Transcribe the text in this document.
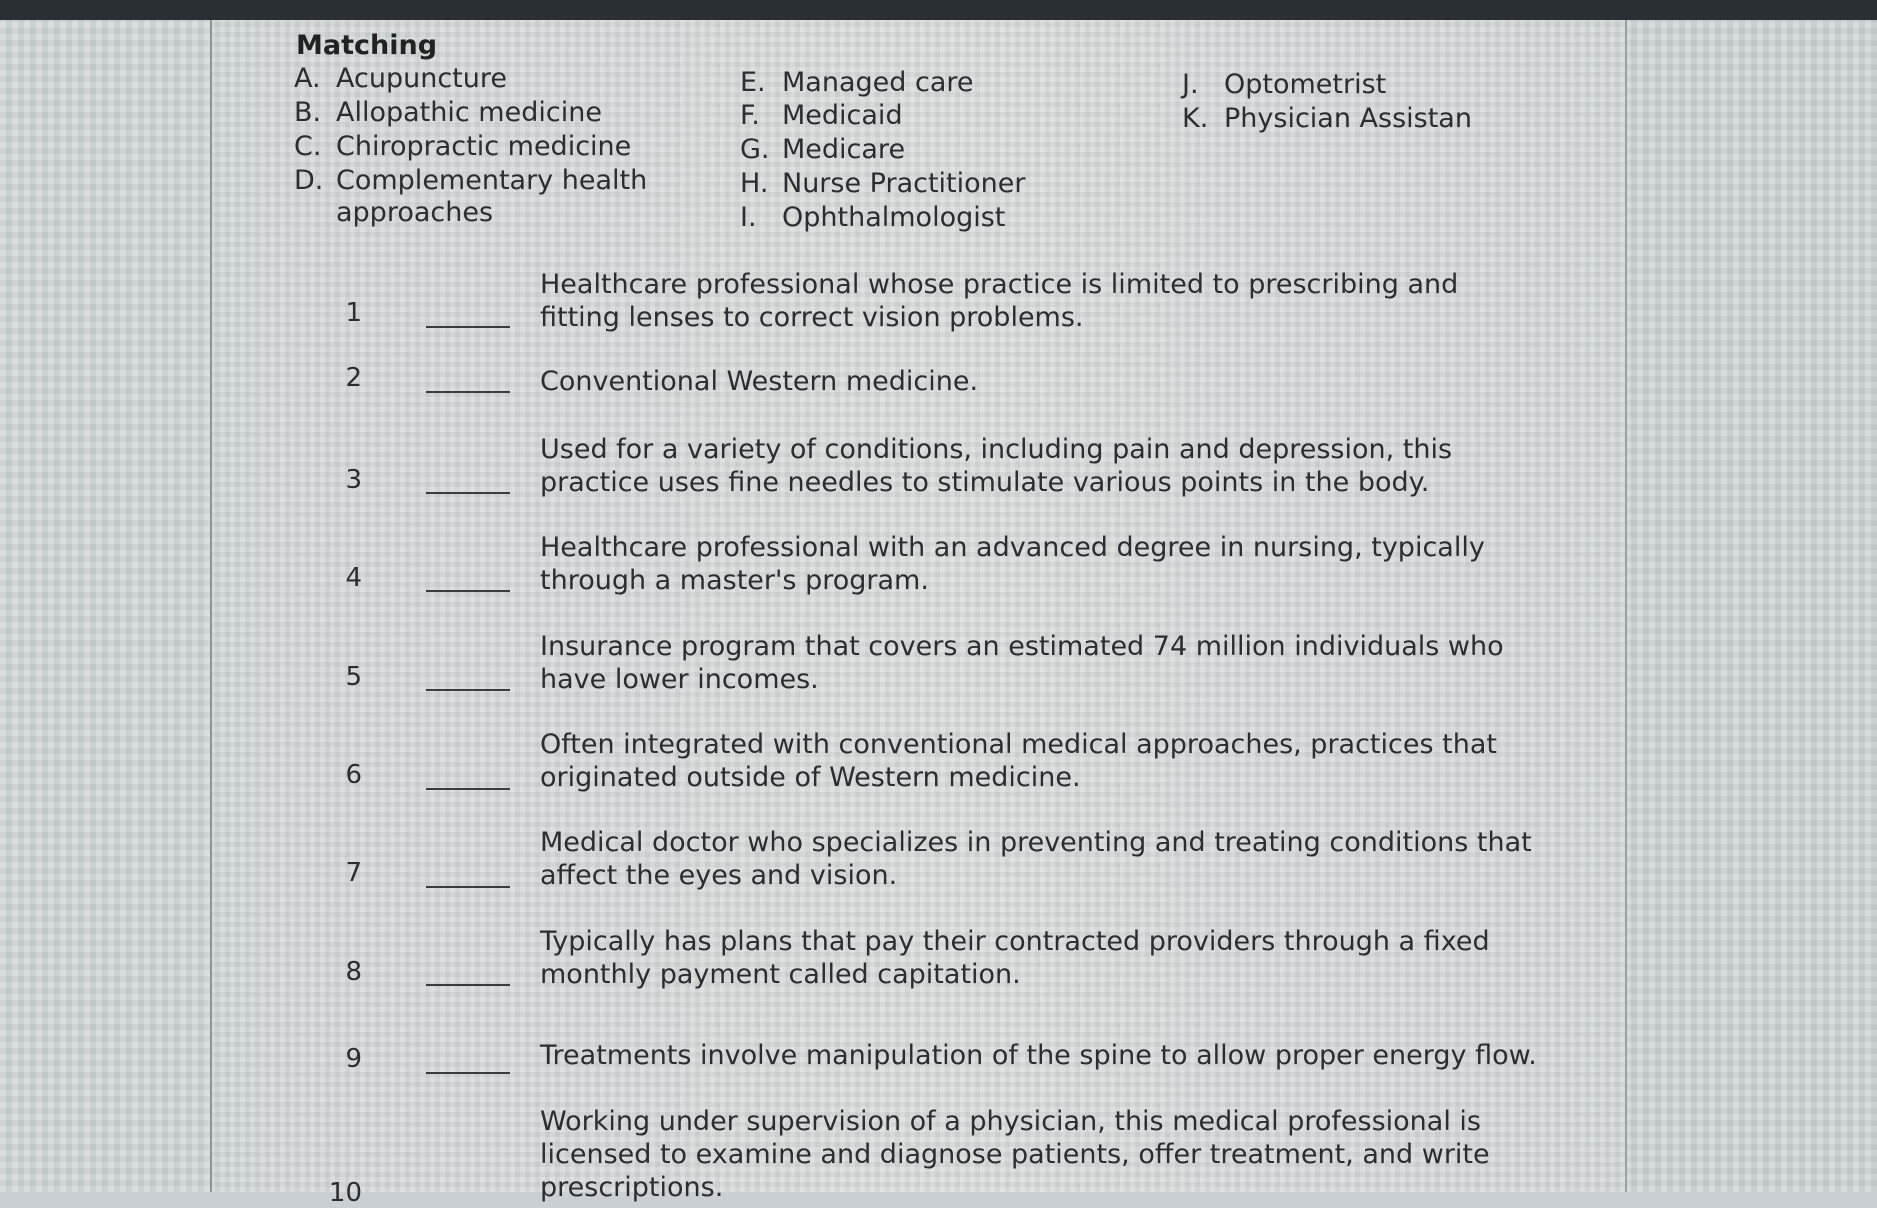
Matching
A. Acupuncture
B. Allopathic medicine
C. Chiropractic medicine
D. Complementary health
approaches
E. Managed care
F. Medicaid
G. Medicare
H. Nurse Practitioner
I. Ophthalmologist
J. Optometrist
K. Physician Assistan
1
Healthcare professional whose practice is limited to prescribing and fitting lenses to correct vision problems.
2	Conventional Western medicine.
3
Used for a variety of conditions, including pain and depression, this practice uses fine needles to stimulate various points in the body.
4
Healthcare professional with an advanced degree in nursing, typically through a master's program.
5
Insurance program that covers an estimated 74 million individuals who have lower incomes.
6
Often integrated with conventional medical approaches, practices that originated outside of Western medicine.
7
Medical doctor who specializes in preventing and treating conditions that affect the eyes and vision.
8
Typically has plans that pay their contracted providers through a fixed monthly payment called capitation.
9	Treatments involve manipulation of the spine to allow proper energy flow.
10
Working under supervision of a physician, this medical professional is licensed to examine and diagnose patients, offer treatment, and write prescriptions.
